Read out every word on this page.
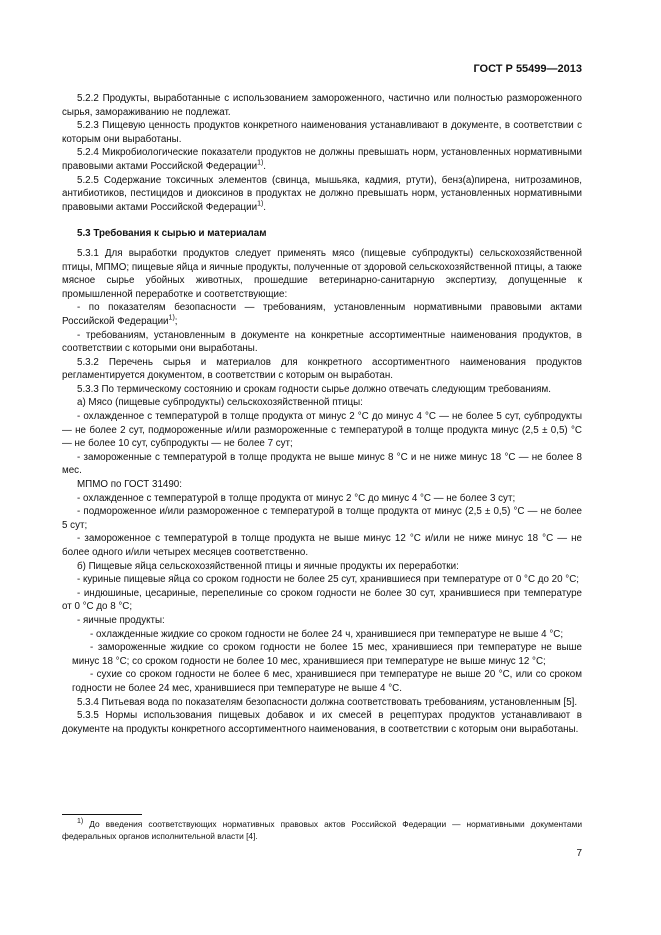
ГОСТ Р 55499—2013

5.2.2 Продукты, выработанные с использованием замороженного, частично или полностью размороженного сырья, замораживанию не подлежат.

5.2.3 Пищевую ценность продуктов конкретного наименования устанавливают в документе, в соответствии с которым они выработаны.

5.2.4 Микробиологические показатели продуктов не должны превышать норм, установленных нормативными правовыми актами Российской Федерации$^{1)}$.

5.2.5 Содержание токсичных элементов (свинца, мышьяка, кадмия, ртути), бенз(а)пирена, нитрозаминов, антибиотиков, пестицидов и диоксинов в продуктах не должно превышать норм, установленных нормативными правовыми актами Российской Федерации$^{1)}$.

5.3 Требования к сырью и материалам

5.3.1 Для выработки продуктов следует применять мясо (пищевые субпродукты) сельскохозяйственной птицы, МПМО; пищевые яйца и яичные продукты, полученные от здоровой сельскохозяйственной птицы, а также мясное сырье убойных животных, прошедшие ветеринарно-санитарную экспертизу, допущенные к промышленной переработке и соответствующие:

- по показателям безопасности — требованиям, установленным нормативными правовыми актами Российской Федерации$^{1)}$;

- требованиям, установленным в документе на конкретные ассортиментные наименования продуктов, в соответствии с которыми они выработаны.

5.3.2 Перечень сырья и материалов для конкретного ассортиментного наименования продуктов регламентируется документом, в соответствии с которым он выработан.

5.3.3 По термическому состоянию и срокам годности сырье должно отвечать следующим требованиям.

а) Мясо (пищевые субпродукты) сельскохозяйственной птицы:

- охлажденное с температурой в толще продукта от минус 2 °С до минус 4 °С — не более 5 сут, субпродукты — не более 2 сут, подмороженные и/или размороженные с температурой в толще продукта минус (2,5 ± 0,5) °С — не более 10 сут, субпродукты — не более 7 сут;

- замороженные с температурой в толще продукта не выше минус 8 °С и не ниже минус 18 °С — не более 8 мес.

МПМО по ГОСТ 31490:

- охлажденное с температурой в толще продукта от минус 2 °С до минус 4 °С — не более 3 сут;

- подмороженное и/или размороженное с температурой в толще продукта от минус (2,5 ± 0,5) °С — не более 5 сут;

- замороженное с температурой в толще продукта не выше минус 12 °С и/или не ниже минус 18 °С — не более одного и/или четырех месяцев соответственно.

б) Пищевые яйца сельскохозяйственной птицы и яичные продукты их переработки:

- куриные пищевые яйца со сроком годности не более 25 сут, хранившиеся при температуре от 0 °С до 20 °С;

- индюшиные, цесариные, перепелиные со сроком годности не более 30 сут, хранившиеся при температуре от 0 °С до 8 °С;

- яичные продукты:

- охлажденные жидкие со сроком годности не более 24 ч, хранившиеся при температуре не выше 4 °С;

- замороженные жидкие со сроком годности не более 15 мес, хранившиеся при температуре не выше минус 18 °С; со сроком годности не более 10 мес, хранившиеся при температуре не выше минус 12 °С;

- сухие со сроком годности не более 6 мес, хранившиеся при температуре не выше 20 °С, или со сроком годности не более 24 мес, хранившиеся при температуре не выше 4 °С.

5.3.4 Питьевая вода по показателям безопасности должна соответствовать требованиям, установленным [5].

5.3.5 Нормы использования пищевых добавок и их смесей в рецептурах продуктов устанавливают в документе на продукты конкретного ассортиментного наименования, в соответствии с которым они выработаны.

$^{1)}$ До введения соответствующих нормативных правовых актов Российской Федерации — нормативными документами федеральных органов исполнительной власти [4].
7
